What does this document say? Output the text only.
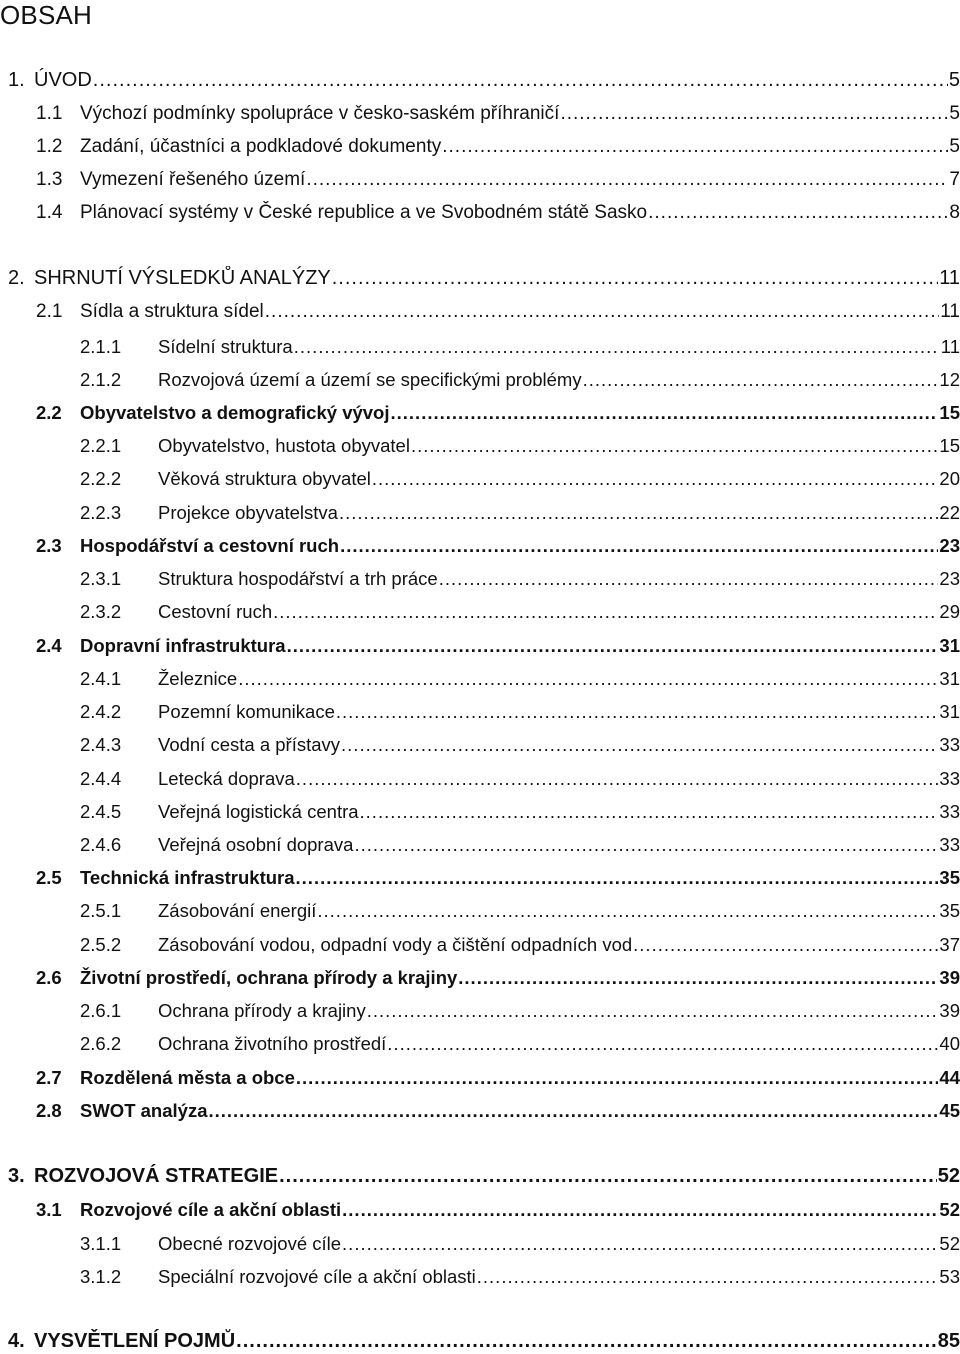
OBSAH
1. ÚVOD .....	5
1.1 Výchozí podmínky spolupráce v česko-saském příhraničí .....	5
1.2 Zadání, účastníci a podkladové dokumenty .....	5
1.3 Vymezení řešeného území .....	7
1.4 Plánovací systémy v České republice a ve Svobodném státě Sasko .....	8
2. SHRNUTÍ VÝSLEDKŮ ANALÝZY .....	11
2.1 Sídla a struktura sídel .....	11
2.1.1 Sídelní struktura .....	11
2.1.2 Rozvojová území a území se specifickými problémy .....	12
2.2 Obyvatelstvo a demografický vývoj .....	15
2.2.1 Obyvatelstvo, hustota obyvatel .....	15
2.2.2 Věková struktura obyvatel .....	20
2.2.3 Projekce obyvatelstva .....	22
2.3 Hospodářství a cestovní ruch .....	23
2.3.1 Struktura hospodářství a trh práce .....	23
2.3.2 Cestovní ruch .....	29
2.4 Dopravní infrastruktura .....	31
2.4.1 Železnice .....	31
2.4.2 Pozemní komunikace .....	31
2.4.3 Vodní cesta a přístavy .....	33
2.4.4 Letecká doprava .....	33
2.4.5 Veřejná logistická centra .....	33
2.4.6 Veřejná osobní doprava .....	33
2.5 Technická infrastruktura .....	35
2.5.1 Zásobování energií .....	35
2.5.2 Zásobování vodou, odpadní vody a čištění odpadních vod .....	37
2.6 Životní prostředí, ochrana přírody a krajiny .....	39
2.6.1 Ochrana přírody a krajiny .....	39
2.6.2 Ochrana životního prostředí .....	40
2.7 Rozdělená města a obce .....	44
2.8 SWOT analýza .....	45
3. ROZVOJOVÁ STRATEGIE .....	52
3.1 Rozvojové cíle a akční oblasti .....	52
3.1.1 Obecné rozvojové cíle .....	52
3.1.2 Speciální rozvojové cíle a akční oblasti .....	53
4. VYSVĚTLENÍ POJMŮ .....	85
